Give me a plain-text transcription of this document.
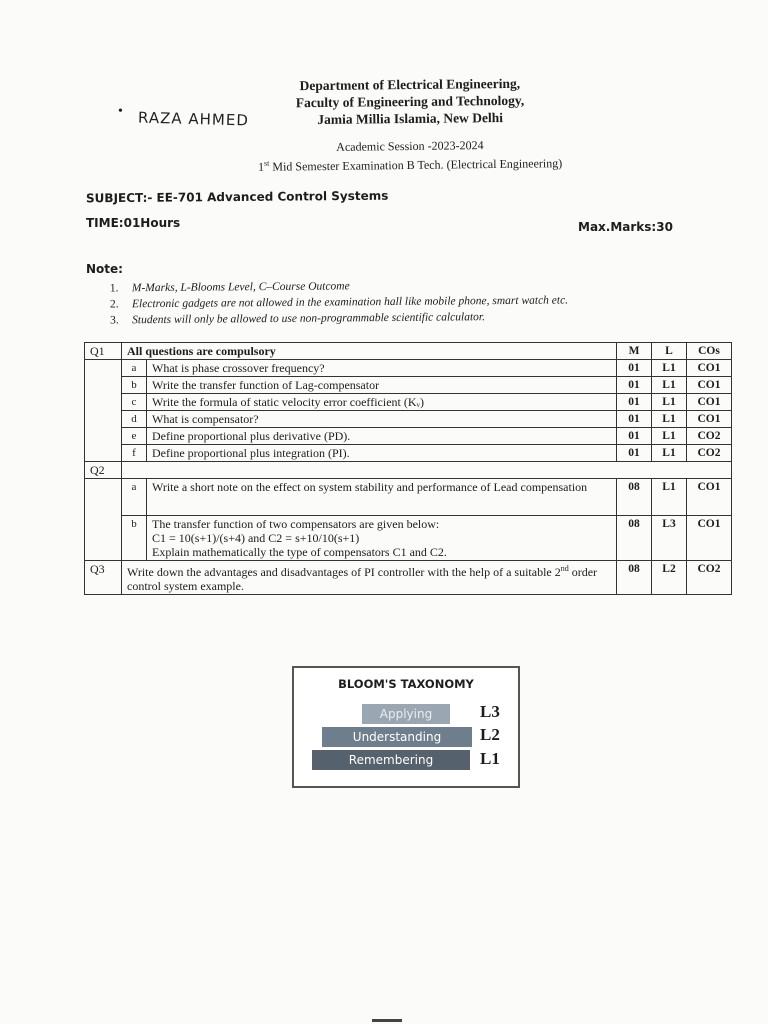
Department of Electrical Engineering,
Faculty of Engineering and Technology,
Jamia Millia Islamia, New Delhi
• RAZA AHMED
Academic Session -2023-2024
1st Mid Semester Examination B Tech. (Electrical Engineering)
SUBJECT:- EE-701 Advanced Control Systems
TIME:01Hours	Max.Marks:30
Note:
1. M-Marks, L-Blooms Level, C–Course Outcome
2. Electronic gadgets are not allowed in the examination hall like mobile phone, smart watch etc.
3. Students will only be allowed to use non-programmable scientific calculator.
Q1	All questions are compulsory		M	L	COs
	a	What is phase crossover frequency?	01	L1	CO1
	b	Write the transfer function of Lag-compensator	01	L1	CO1
	c	Write the formula of static velocity error coefficient (Kᵥ)	01	L1	CO1
	d	What is compensator?	01	L1	CO1
	e	Define proportional plus derivative (PD).	01	L1	CO2
	f	Define proportional plus integration (PI).	01	L1	CO2
Q2					
	a	Write a short note on the effect on system stability and performance of Lead compensation	08	L1	CO1
	b	The transfer function of two compensators are given below:
C1 = 10(s+1)/(s+4) and C2 = s+10/10(s+1)
Explain mathematically the type of compensators C1 and C2.	08	L3	CO1
Q3	Write down the advantages and disadvantages of PI controller with the help of a suitable 2nd order control system example.		08	L2	CO2
BLOOM'S TAXONOMY
Applying	L3
Understanding	L2
Remembering	L1
